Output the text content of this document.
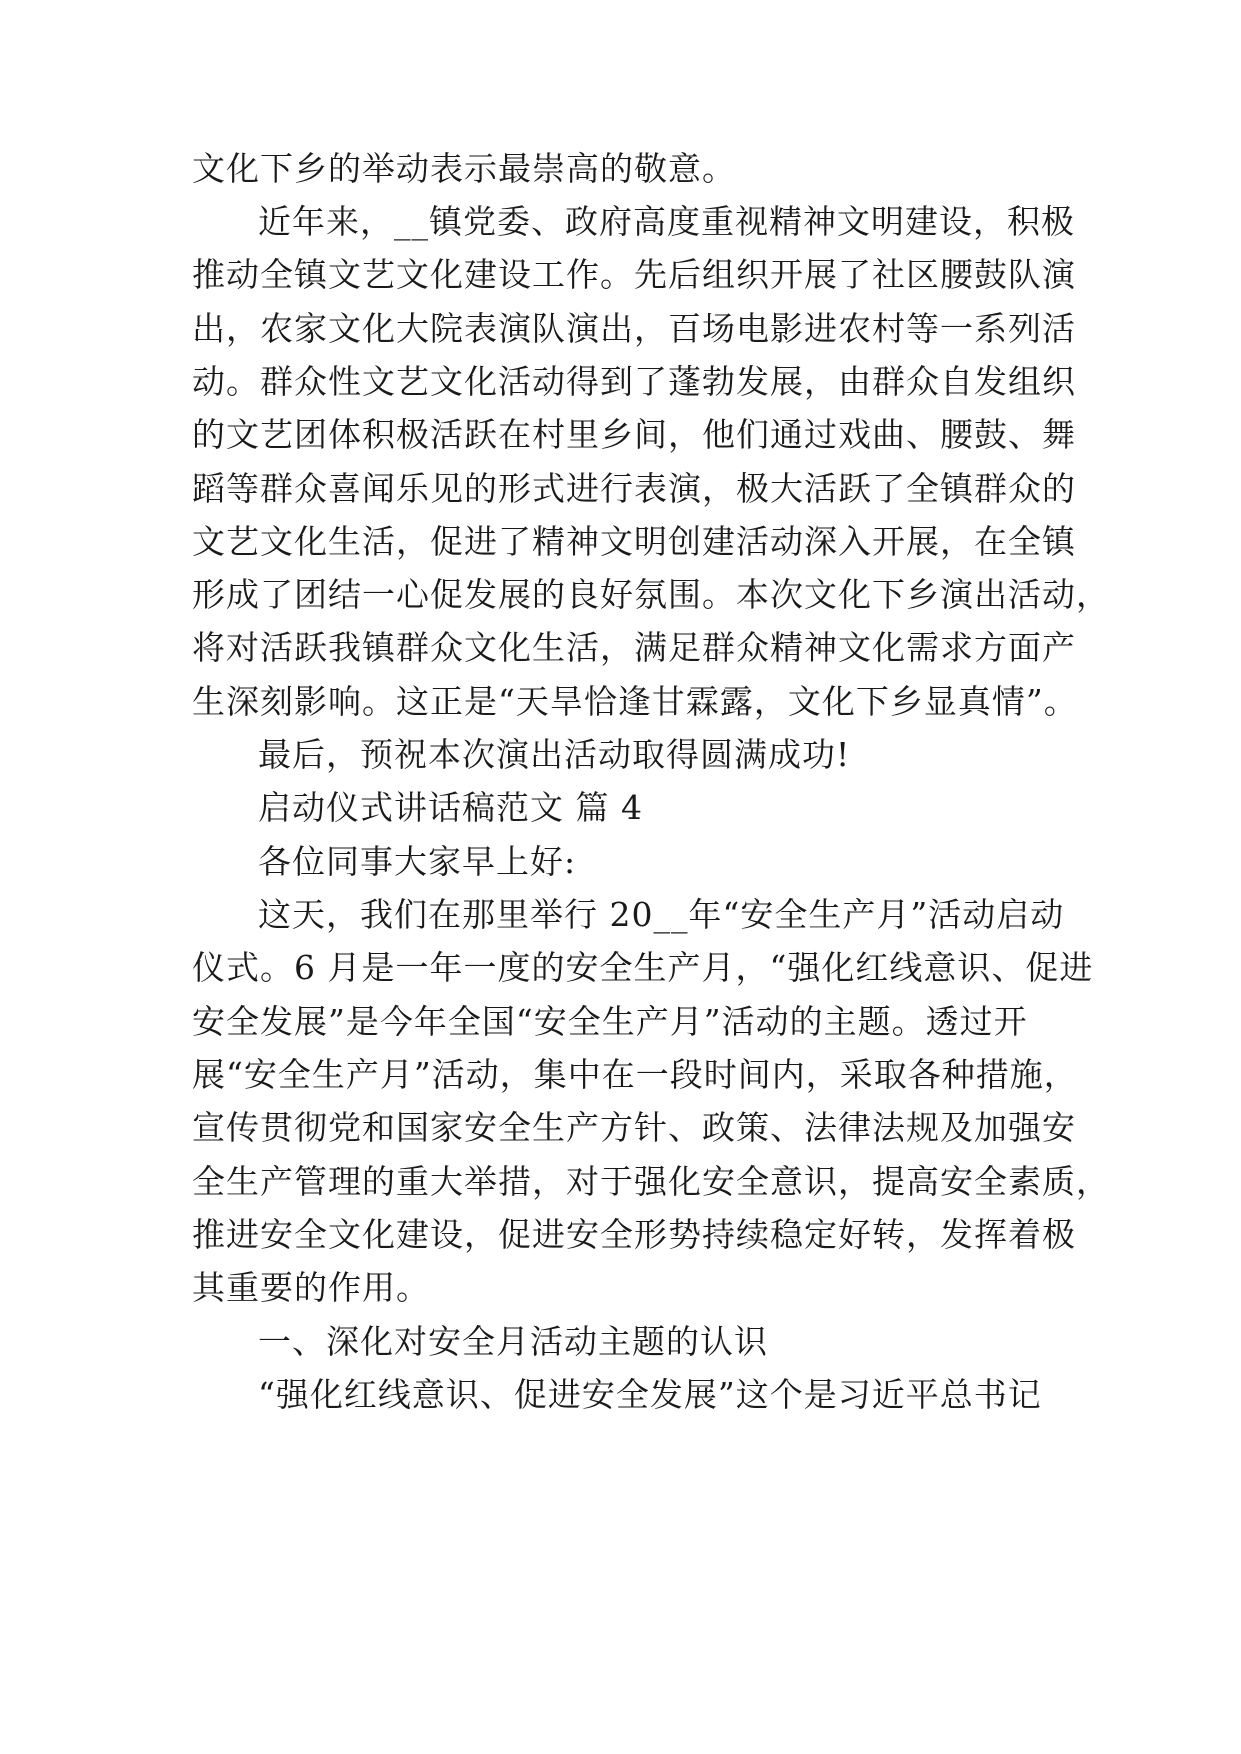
文化下乡的举动表示最崇高的敬意。
近年来，__镇党委、政府高度重视精神文明建设，积极
推动全镇文艺文化建设工作。先后组织开展了社区腰鼓队演
出，农家文化大院表演队演出，百场电影进农村等一系列活
动。群众性文艺文化活动得到了蓬勃发展，由群众自发组织
的文艺团体积极活跃在村里乡间，他们通过戏曲、腰鼓、舞
蹈等群众喜闻乐见的形式进行表演，极大活跃了全镇群众的
文艺文化生活，促进了精神文明创建活动深入开展，在全镇
形成了团结一心促发展的良好氛围。本次文化下乡演出活动，
将对活跃我镇群众文化生活，满足群众精神文化需求方面产
生深刻影响。这正是“天旱恰逢甘霖露，文化下乡显真情”。
最后，预祝本次演出活动取得圆满成功!
启动仪式讲话稿范文 篇 4
各位同事大家早上好:
这天，我们在那里举行 20__年“安全生产月”活动启动
仪式。6 月是一年一度的安全生产月，“强化红线意识、促进
安全发展”是今年全国“安全生产月”活动的主题。透过开
展“安全生产月”活动，集中在一段时间内，采取各种措施，
宣传贯彻党和国家安全生产方针、政策、法律法规及加强安
全生产管理的重大举措，对于强化安全意识，提高安全素质，
推进安全文化建设，促进安全形势持续稳定好转，发挥着极
其重要的作用。
一、深化对安全月活动主题的认识
“强化红线意识、促进安全发展”这个是习近平总书记
